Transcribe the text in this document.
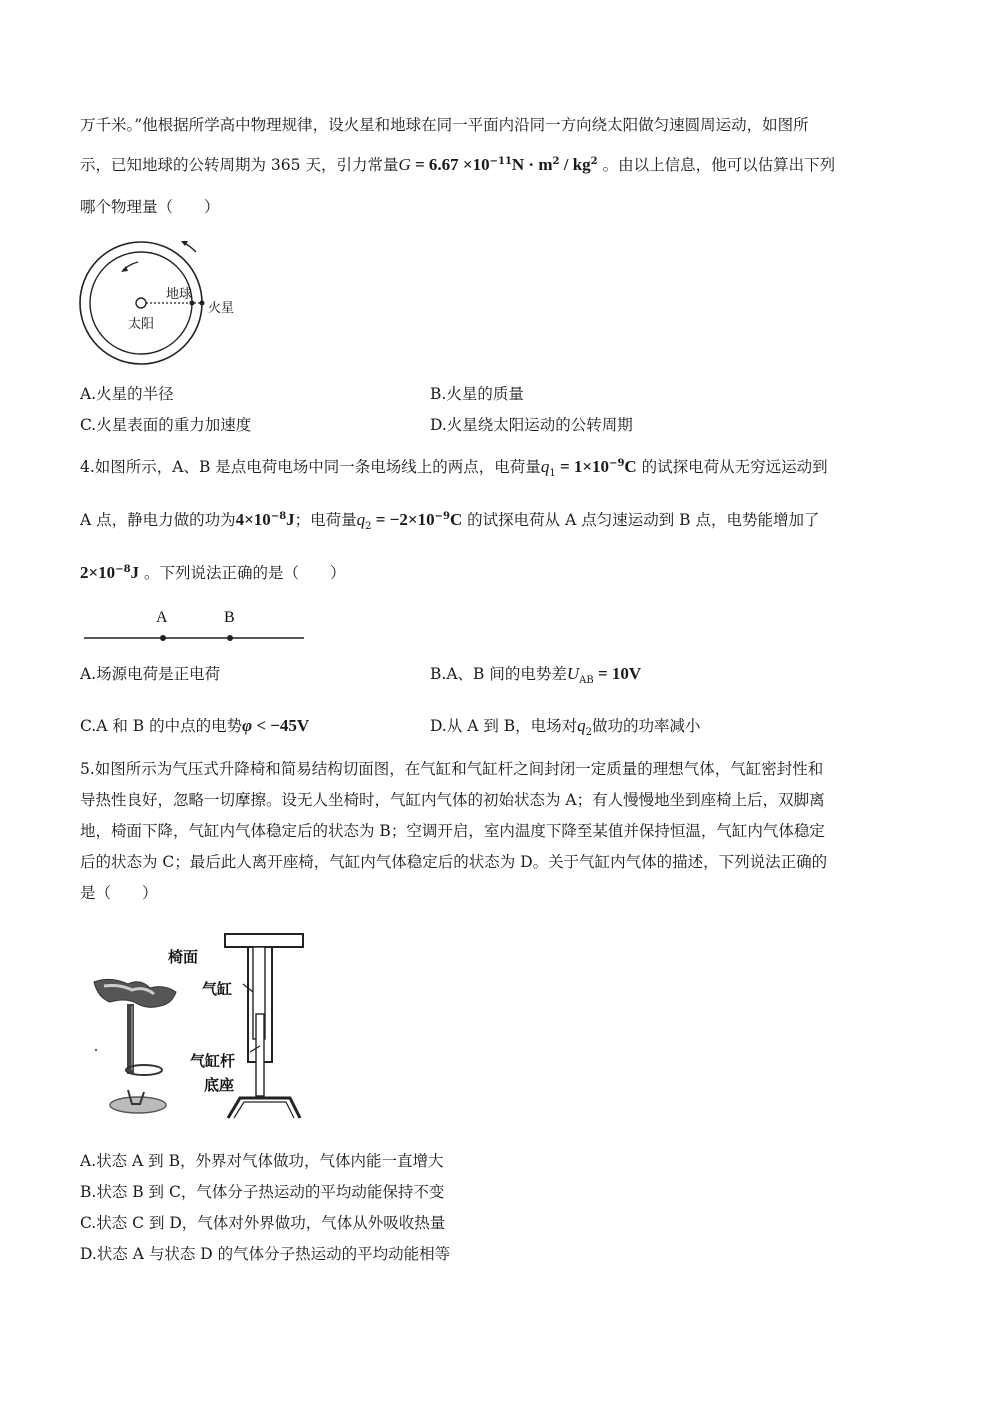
万千米。”他根据所学高中物理规律，设火星和地球在同一平面内沿同一方向绕太阳做匀速圆周运动，如图所
示，已知地球的公转周期为 365 天，引力常量$G = 6.67 \times 10^{-11}N \cdot m^2 / kg^2$ 。由以上信息，他可以估算出下列
哪个物理量（　　）
地球
火星
太阳
A.火星的半径	B.火星的质量
C.火星表面的重力加速度	D.火星绕太阳运动的公转周期
4.如图所示，A、B 是点电荷电场中同一条电场线上的两点，电荷量$q_1 = 1\times 10^{-9}C$ 的试探电荷从无穷远运动到
A 点，静电力做的功为$4\times 10^{-8}J$；电荷量$q_2 = -2\times 10^{-9}C$ 的试探电荷从 A 点匀速运动到 B 点，电势能增加了
$2\times 10^{-8}J$ 。下列说法正确的是（　　）
A	B
A.场源电荷是正电荷	B.A、B 间的电势差$U_{AB} = 10V$
C.A 和 B 的中点的电势φ < −45V	D.从 A 到 B，电场对$q_2$做功的功率减小
5.如图所示为气压式升降椅和简易结构切面图，在气缸和气缸杆之间封闭一定质量的理想气体，气缸密封性和
导热性良好，忽略一切摩擦。设无人坐椅时，气缸内气体的初始状态为 A；有人慢慢地坐到座椅上后，双脚离
地，椅面下降，气缸内气体稳定后的状态为 B；空调开启，室内温度下降至某值并保持恒温，气缸内气体稳定
后的状态为 C；最后此人离开座椅，气缸内气体稳定后的状态为 D。关于气缸内气体的描述，下列说法正确的
是（　　）
椅面
气缸
气缸杆
底座
A.状态 A 到 B，外界对气体做功，气体内能一直增大
B.状态 B 到 C，气体分子热运动的平均动能保持不变
C.状态 C 到 D，气体对外界做功，气体从外吸收热量
D.状态 A 与状态 D 的气体分子热运动的平均动能相等
